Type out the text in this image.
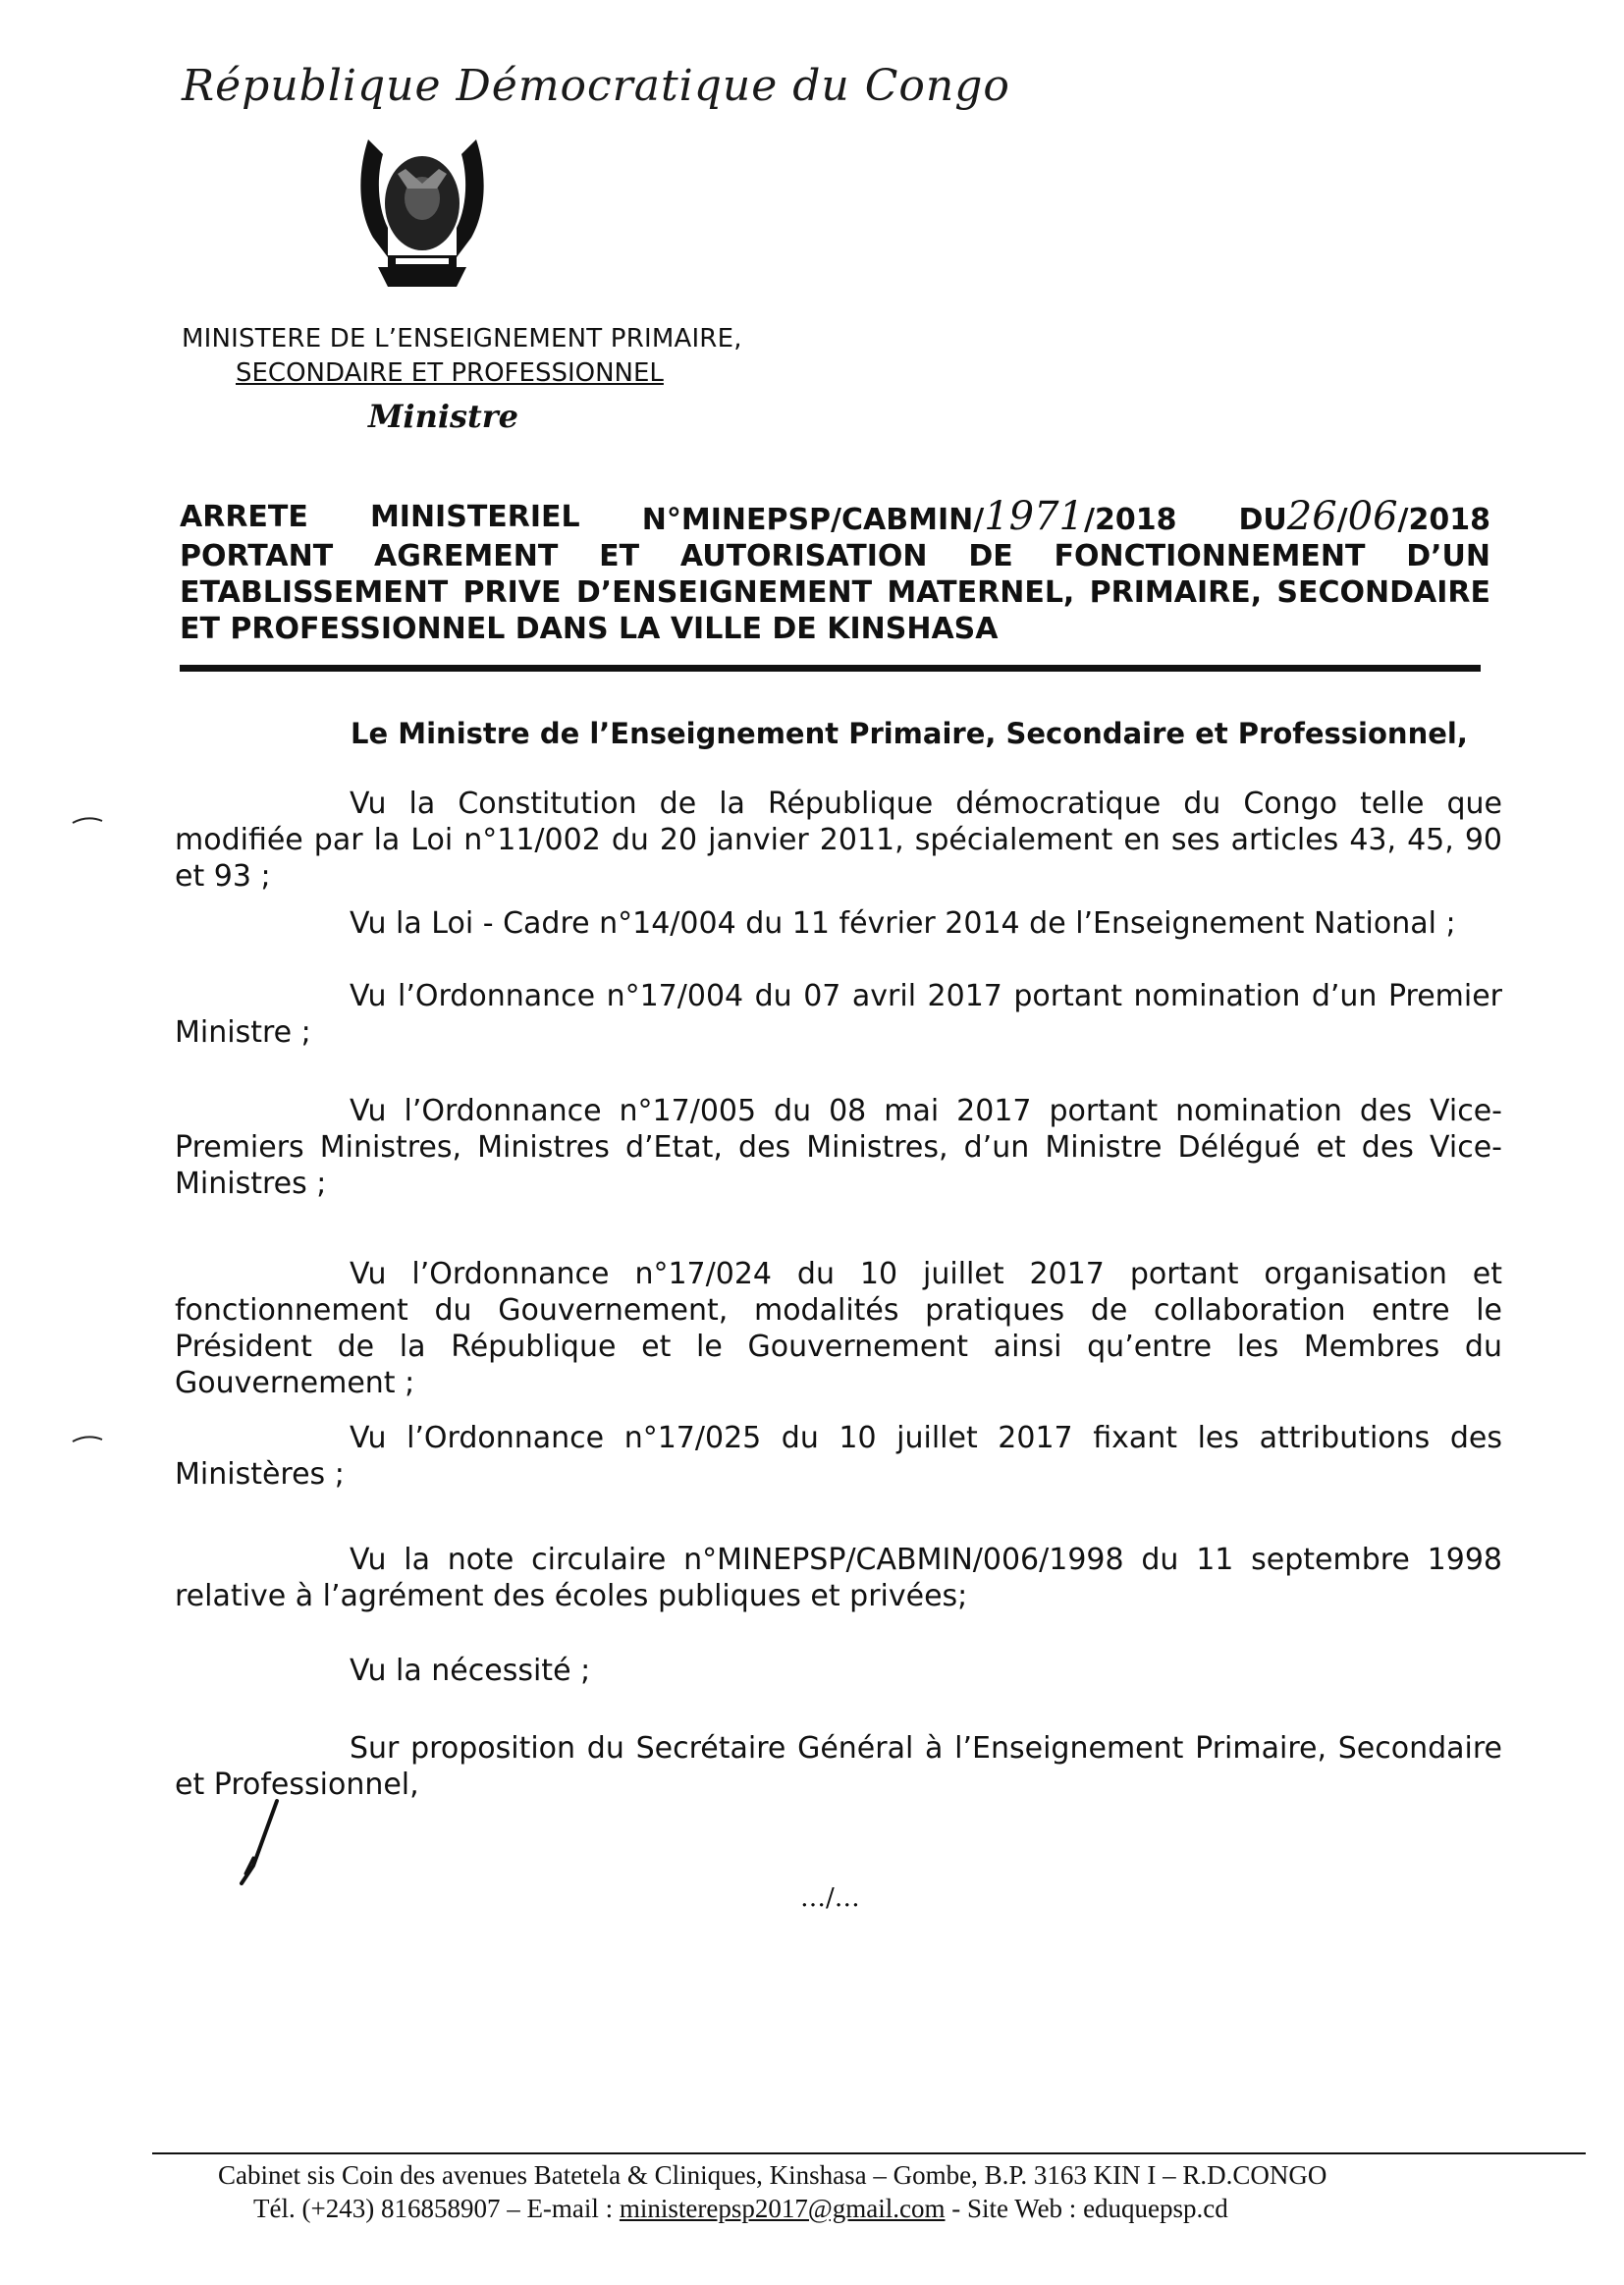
République Démocratique du Congo
MINISTERE DE L’ENSEIGNEMENT PRIMAIRE,
SECONDAIRE ET PROFESSIONNEL
Ministre
ARRETE MINISTERIEL N°MINEPSP/CABMIN/1971/2018 DU26/06/2018
PORTANT AGREMENT ET AUTORISATION DE FONCTIONNEMENT D’UN
ETABLISSEMENT PRIVE D’ENSEIGNEMENT MATERNEL, PRIMAIRE, SECONDAIRE
ET PROFESSIONNEL DANS LA VILLE DE KINSHASA
Le Ministre de l’Enseignement Primaire, Secondaire et Professionnel,
Vu la Constitution de la République démocratique du Congo telle que modifiée par la Loi n°11/002 du 20 janvier 2011, spécialement en ses articles 43, 45, 90 et 93 ;
Vu la Loi - Cadre n°14/004 du 11 février 2014 de l’Enseignement National ;
Vu l’Ordonnance n°17/004 du 07 avril 2017 portant nomination d’un Premier Ministre ;
Vu l’Ordonnance n°17/005 du 08 mai 2017 portant nomination des Vice-Premiers Ministres, Ministres d’Etat, des Ministres, d’un Ministre Délégué et des Vice-Ministres ;
Vu l’Ordonnance n°17/024 du 10 juillet 2017 portant organisation et fonctionnement du Gouvernement, modalités pratiques de collaboration entre le Président de la République et le Gouvernement ainsi qu’entre les Membres du Gouvernement ;
Vu l’Ordonnance n°17/025 du 10 juillet 2017 fixant les attributions des Ministères ;
Vu la note circulaire n°MINEPSP/CABMIN/006/1998 du 11 septembre 1998 relative à l’agrément des écoles publiques et privées;
Vu la nécessité ;
Sur proposition du Secrétaire Général à l’Enseignement Primaire, Secondaire et Professionnel,
…/…
Cabinet sis Coin des avenues Batetela & Cliniques, Kinshasa – Gombe, B.P. 3163 KIN I – R.D.CONGO
Tél. (+243) 816858907 – E-mail : ministerepsp2017@gmail.com - Site Web : eduquepsp.cd
